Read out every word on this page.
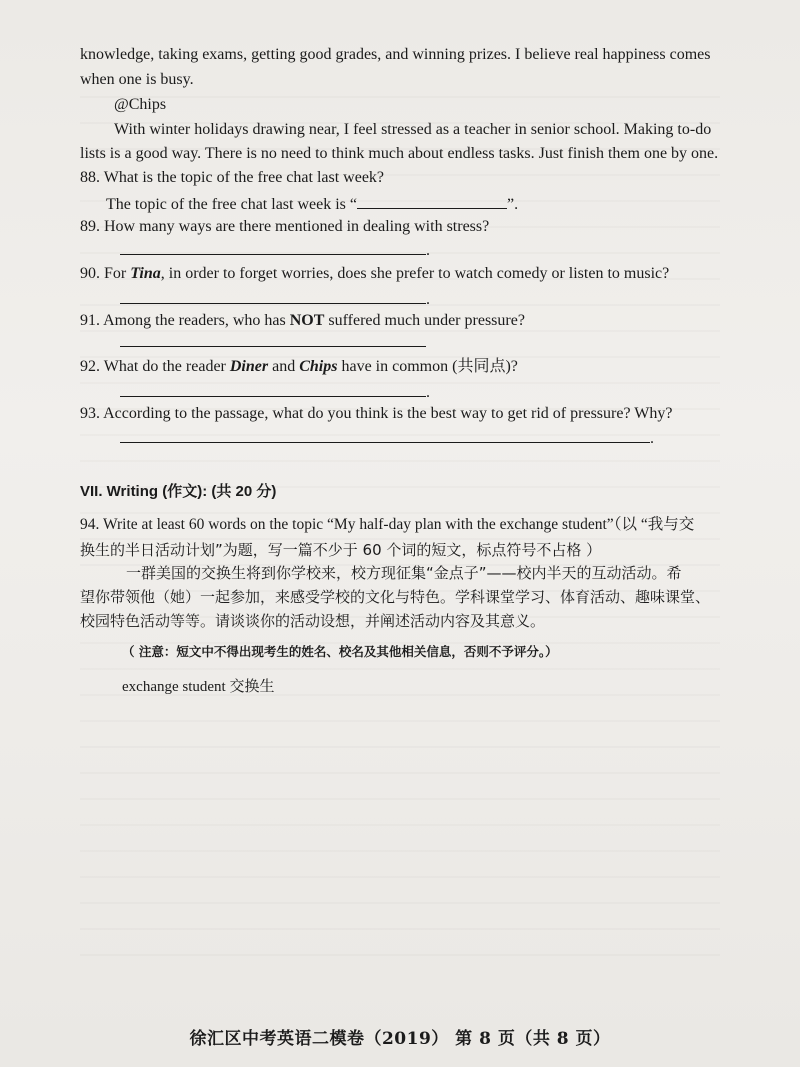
knowledge, taking exams, getting good grades, and winning prizes. I believe real happiness comes
when one is busy.
@Chips
With winter holidays drawing near, I feel stressed as a teacher in senior school. Making to-do
lists is a good way. There is no need to think much about endless tasks. Just finish them one by one.
88. What is the topic of the free chat last week?
The topic of the free chat last week is “	”.
89. How many ways are there mentioned in dealing with stress?
.
90. For Tina, in order to forget worries, does she prefer to watch comedy or listen to music?
.
91. Among the readers, who has NOT suffered much under pressure?
92. What do the reader Diner and Chips have in common (共同点)?
.
93. According to the passage, what do you think is the best way to get rid of pressure? Why?
.
VII. Writing (作文): (共 20 分)
94. Write at least 60 words on the topic “My half-day plan with the exchange student”（以 “我与交
换生的半日活动计划”为题，写一篇不少于 60 个词的短文，标点符号不占格 ）
一群美国的交换生将到你学校来，校方现征集“金点子”——校内半天的互动活动。希
望你带领他（她）一起参加，来感受学校的文化与特色。学科课堂学习、体育活动、趣味课堂、
校园特色活动等等。请谈谈你的活动设想，并阐述活动内容及其意义。
（ 注意：短文中不得出现考生的姓名、校名及其他相关信息，否则不予评分。）
exchange student 交换生
徐汇区中考英语二模卷（2019） 第 8 页（共 8 页）
